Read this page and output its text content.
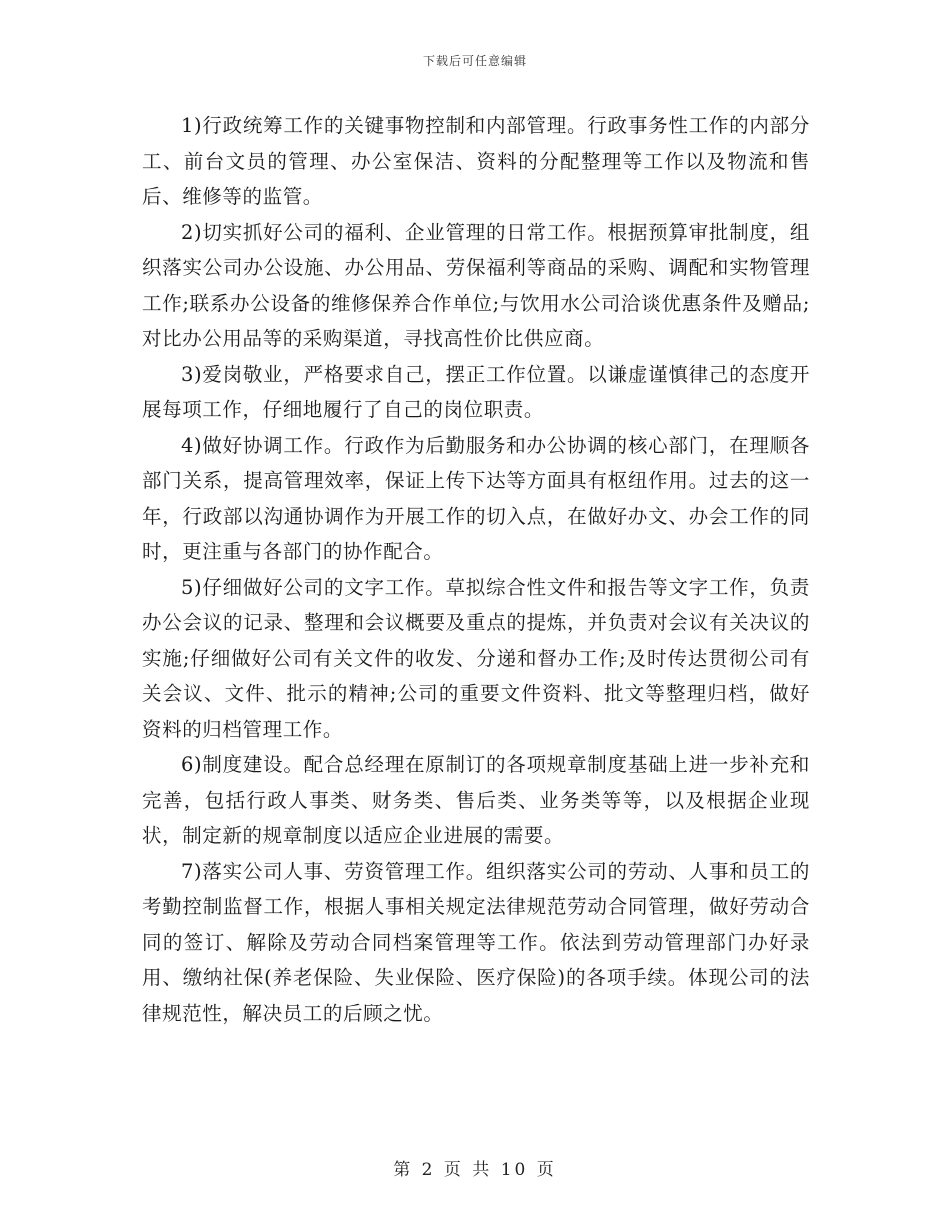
下载后可任意编辑

1)行政统筹工作的关键事物控制和内部管理。行政事务性工作的内部分工、前台文员的管理、办公室保洁、资料的分配整理等工作以及物流和售后、维修等的监管。

2)切实抓好公司的福利、企业管理的日常工作。根据预算审批制度，组织落实公司办公设施、办公用品、劳保福利等商品的采购、调配和实物管理工作;联系办公设备的维修保养合作单位;与饮用水公司洽谈优惠条件及赠品;对比办公用品等的采购渠道，寻找高性价比供应商。

3)爱岗敬业，严格要求自己，摆正工作位置。以谦虚谨慎律己的态度开展每项工作，仔细地履行了自己的岗位职责。

4)做好协调工作。行政作为后勤服务和办公协调的核心部门，在理顺各部门关系，提高管理效率，保证上传下达等方面具有枢纽作用。过去的这一年，行政部以沟通协调作为开展工作的切入点，在做好办文、办会工作的同时，更注重与各部门的协作配合。

5)仔细做好公司的文字工作。草拟综合性文件和报告等文字工作，负责办公会议的记录、整理和会议概要及重点的提炼，并负责对会议有关决议的实施;仔细做好公司有关文件的收发、分递和督办工作;及时传达贯彻公司有关会议、文件、批示的精神;公司的重要文件资料、批文等整理归档，做好资料的归档管理工作。

6)制度建设。配合总经理在原制订的各项规章制度基础上进一步补充和完善，包括行政人事类、财务类、售后类、业务类等等，以及根据企业现状，制定新的规章制度以适应企业进展的需要。

7)落实公司人事、劳资管理工作。组织落实公司的劳动、人事和员工的考勤控制监督工作，根据人事相关规定法律规范劳动合同管理，做好劳动合同的签订、解除及劳动合同档案管理等工作。依法到劳动管理部门办好录用、缴纳社保(养老保险、失业保险、医疗保险)的各项手续。体现公司的法律规范性，解决员工的后顾之忧。

第 2 页 共 10 页
